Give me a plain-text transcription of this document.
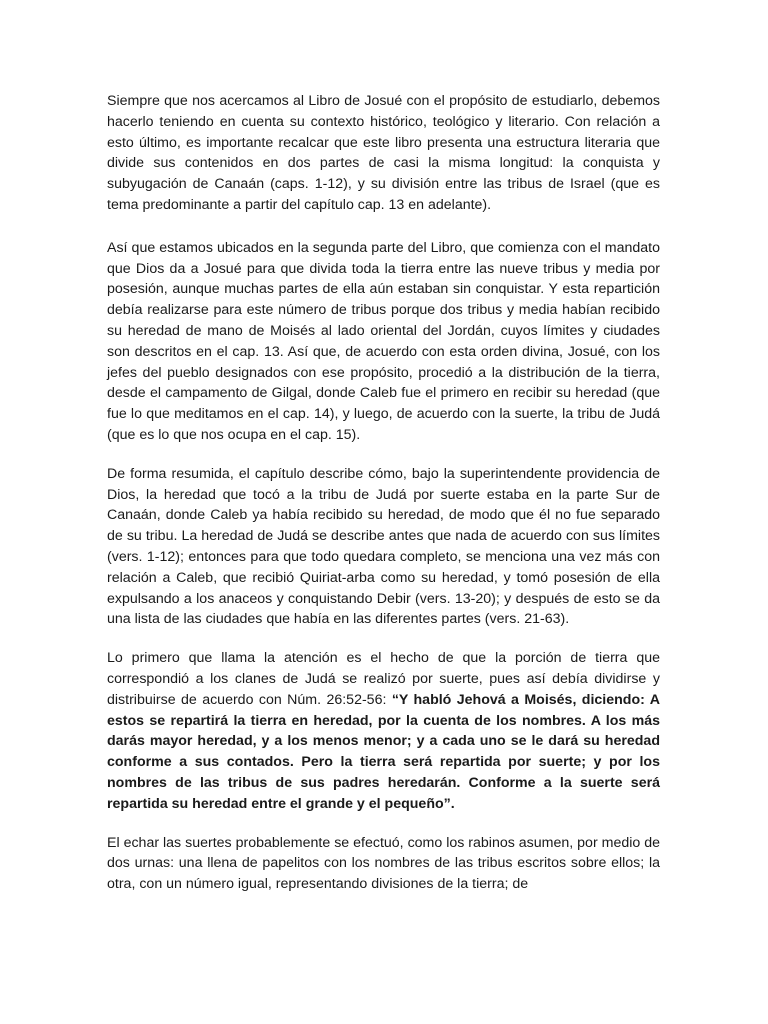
Siempre que nos acercamos al Libro de Josué con el propósito de estudiarlo, debemos hacerlo teniendo en cuenta su contexto histórico, teológico y literario. Con relación a esto último, es importante recalcar que este libro presenta una estructura literaria que divide sus contenidos en dos partes de casi la misma longitud: la conquista y subyugación de Canaán (caps. 1-12), y su división entre las tribus de Israel (que es tema predominante a partir del capítulo cap. 13 en adelante).

Así que estamos ubicados en la segunda parte del Libro, que comienza con el mandato que Dios da a Josué para que divida toda la tierra entre las nueve tribus y media por posesión, aunque muchas partes de ella aún estaban sin conquistar. Y esta repartición debía realizarse para este número de tribus porque dos tribus y media habían recibido su heredad de mano de Moisés al lado oriental del Jordán, cuyos límites y ciudades son descritos en el cap. 13. Así que, de acuerdo con esta orden divina, Josué, con los jefes del pueblo designados con ese propósito, procedió a la distribución de la tierra, desde el campamento de Gilgal, donde Caleb fue el primero en recibir su heredad (que fue lo que meditamos en el cap. 14), y luego, de acuerdo con la suerte, la tribu de Judá (que es lo que nos ocupa en el cap. 15).

De forma resumida, el capítulo describe cómo, bajo la superintendente providencia de Dios, la heredad que tocó a la tribu de Judá por suerte estaba en la parte Sur de Canaán, donde Caleb ya había recibido su heredad, de modo que él no fue separado de su tribu. La heredad de Judá se describe antes que nada de acuerdo con sus límites (vers. 1-12); entonces para que todo quedara completo, se menciona una vez más con relación a Caleb, que recibió Quiriat-arba como su heredad, y tomó posesión de ella expulsando a los anaceos y conquistando Debir (vers. 13-20); y después de esto se da una lista de las ciudades que había en las diferentes partes (vers. 21-63).

Lo primero que llama la atención es el hecho de que la porción de tierra que correspondió a los clanes de Judá se realizó por suerte, pues así debía dividirse y distribuirse de acuerdo con Núm. 26:52-56: “Y habló Jehová a Moisés, diciendo: A estos se repartirá la tierra en heredad, por la cuenta de los nombres. A los más darás mayor heredad, y a los menos menor; y a cada uno se le dará su heredad conforme a sus contados. Pero la tierra será repartida por suerte; y por los nombres de las tribus de sus padres heredarán. Conforme a la suerte será repartida su heredad entre el grande y el pequeño”.

El echar las suertes probablemente se efectuó, como los rabinos asumen, por medio de dos urnas: una llena de papelitos con los nombres de las tribus escritos sobre ellos; la otra, con un número igual, representando divisiones de la tierra; de
